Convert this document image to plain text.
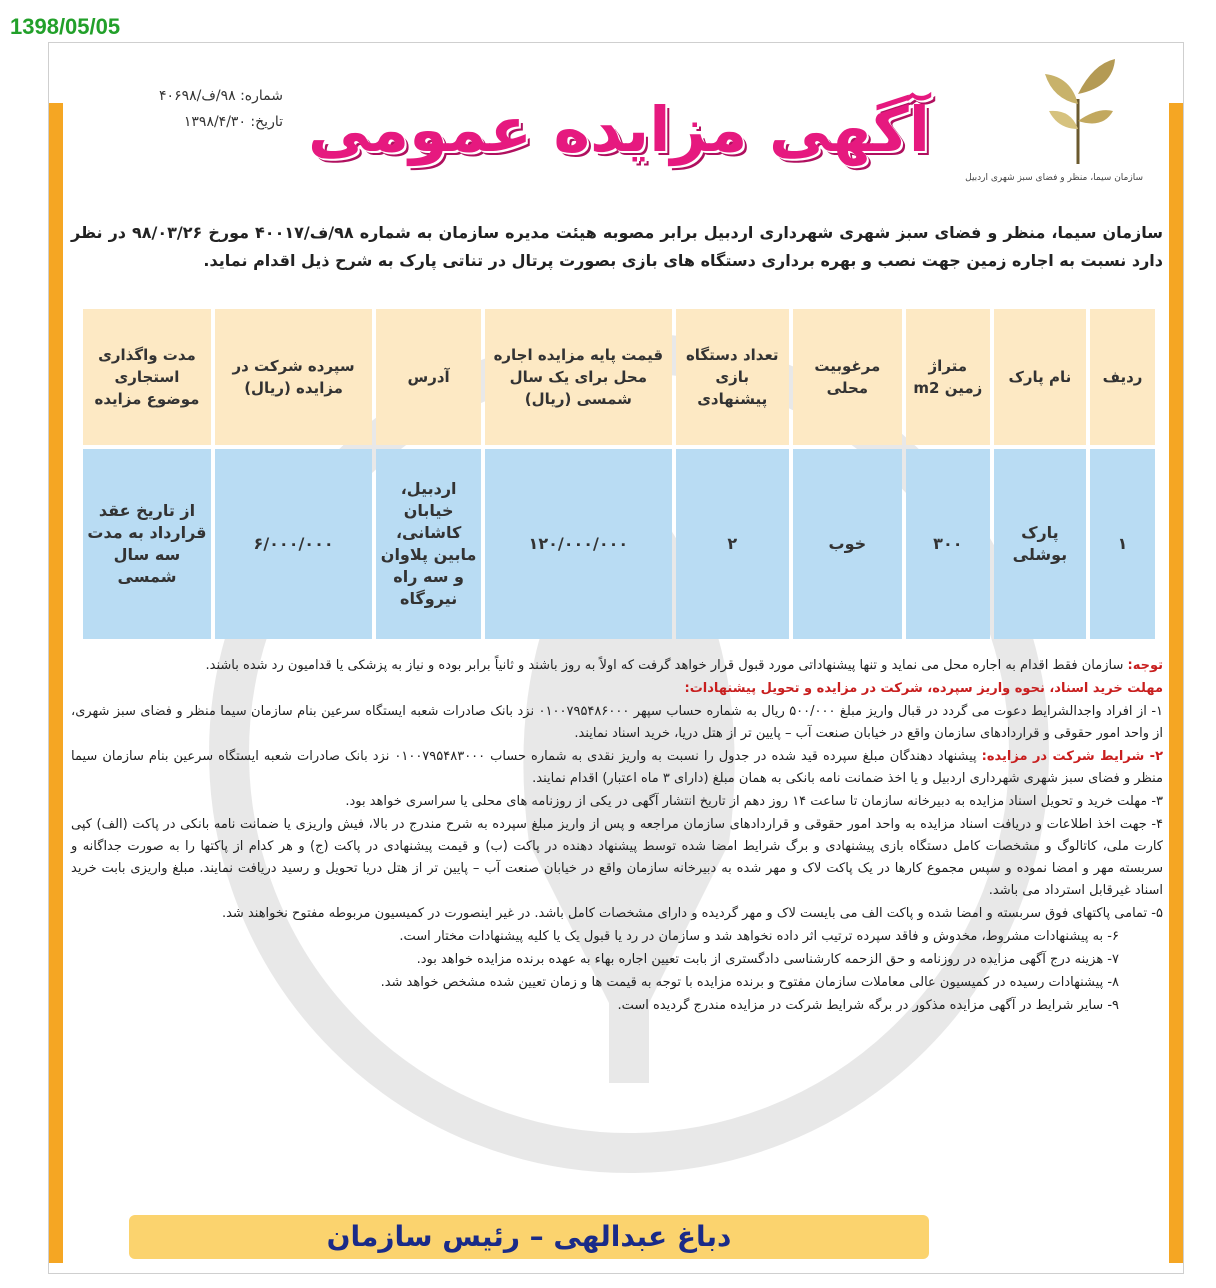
1398/05/05
سازمان سیما، منظر و فضای سبز شهری اردبیل
شماره: ۹۸/ف/۴۰۶۹۸
تاریخ: ۱۳۹۸/۴/۳۰ آگهی مزایده عمومی
سازمان سیما، منظر و فضای سبز شهری شهرداری اردبیل برابر مصوبه هیئت مدیره سازمان به شماره ۹۸/ف/۴۰۰۱۷ مورخ ۹۸/۰۳/۲۶ در نظر دارد نسبت به اجاره زمین جهت نصب و بهره برداری دستگاه های بازی بصورت پرتال در تناتی پارک به شرح ذیل اقدام نماید.
ردیف	نام پارک	متراژ زمین m2	مرغوبیت محلی	تعداد دستگاه بازی پیشنهادی	قیمت پایه مزایده اجاره محل برای یک سال شمسی (ریال)	آدرس	سپرده شرکت در مزایده (ریال)	مدت واگذاری استجاری موضوع مزایده
۱	پارک بوشلی	۳۰۰	خوب	۲	۱۲۰/۰۰۰/۰۰۰	اردبیل، خیابان کاشانی، مابین پلاوان و سه راه نیروگاه	۶/۰۰۰/۰۰۰	از تاریخ عقد قرارداد به مدت سه سال شمسی

توجه: سازمان فقط اقدام به اجاره محل می نماید و تنها پیشنهاداتی مورد قبول قرار خواهد گرفت که اولاً به روز باشند و ثانیاً برابر بوده و نیاز به پزشکی یا قدامیون رد شده باشند.

مهلت خرید اسناد، نحوه واریز سپرده، شرکت در مزایده و تحویل پیشنهادات:

۱- از افراد واجدالشرایط دعوت می گردد در قبال واریز مبلغ ۵۰۰/۰۰۰ ریال به شماره حساب سپهر ۰۱۰۰۷۹۵۴۸۶۰۰۰ نزد بانک صادرات شعبه ایستگاه سرعین بنام سازمان سیما منظر و فضای سبز شهری، از واحد امور حقوقی و قراردادهای سازمان واقع در خیابان صنعت آب – پایین تر از هتل دریا، خرید اسناد نمایند.

۲- شرایط شرکت در مزایده: پیشنهاد دهندگان مبلغ سپرده قید شده در جدول را نسبت به واریز نقدی به شماره حساب ۰۱۰۰۷۹۵۴۸۳۰۰۰ نزد بانک صادرات شعبه ایستگاه سرعین بنام سازمان سیما منظر و فضای سبز شهری شهرداری اردبیل و یا اخذ ضمانت نامه بانکی به همان مبلغ (دارای ۳ ماه اعتبار) اقدام نمایند.

۳- مهلت خرید و تحویل اسناد مزایده به دبیرخانه سازمان تا ساعت ۱۴ روز دهم از تاریخ انتشار آگهی در یکی از روزنامه های محلی یا سراسری خواهد بود.

۴- جهت اخذ اطلاعات و دریافت اسناد مزایده به واحد امور حقوقی و قراردادهای سازمان مراجعه و پس از واریز مبلغ سپرده به شرح مندرج در بالا، فیش واریزی یا ضمانت نامه بانکی در پاکت (الف) کپی کارت ملی، کاتالوگ و مشخصات کامل دستگاه بازی پیشنهادی و برگ شرایط امضا شده توسط پیشنهاد دهنده در پاکت (ب) و قیمت پیشنهادی در پاکت (ج) و هر کدام از پاکتها را به صورت جداگانه و سربسته مهر و امضا نموده و سپس مجموع کارها در یک پاکت لاک و مهر شده به دبیرخانه سازمان واقع در خیابان صنعت آب – پایین تر از هتل دریا تحویل و رسید دریافت نمایند. مبلغ واریزی بابت خرید اسناد غیرقابل استرداد می باشد.

۵- تمامی پاکتهای فوق سربسته و امضا شده و پاکت الف می بایست لاک و مهر گردیده و دارای مشخصات کامل باشد. در غیر اینصورت در کمیسیون مربوطه مفتوح نخواهند شد.

۶- به پیشنهادات مشروط، مخدوش و فاقد سپرده ترتیب اثر داده نخواهد شد و سازمان در رد یا قبول یک یا کلیه پیشنهادات مختار است.

۷- هزینه درج آگهی مزایده در روزنامه و حق الزحمه کارشناسی دادگستری از بابت تعیین اجاره بهاء به عهده برنده مزایده خواهد بود.

۸- پیشنهادات رسیده در کمیسیون عالی معاملات سازمان مفتوح و برنده مزایده با توجه به قیمت ها و زمان تعیین شده مشخص خواهد شد.

۹- سایر شرایط در آگهی مزایده مذکور در برگه شرایط شرکت در مزایده مندرج گردیده است.

دباغ عبدالهی – رئیس سازمان
